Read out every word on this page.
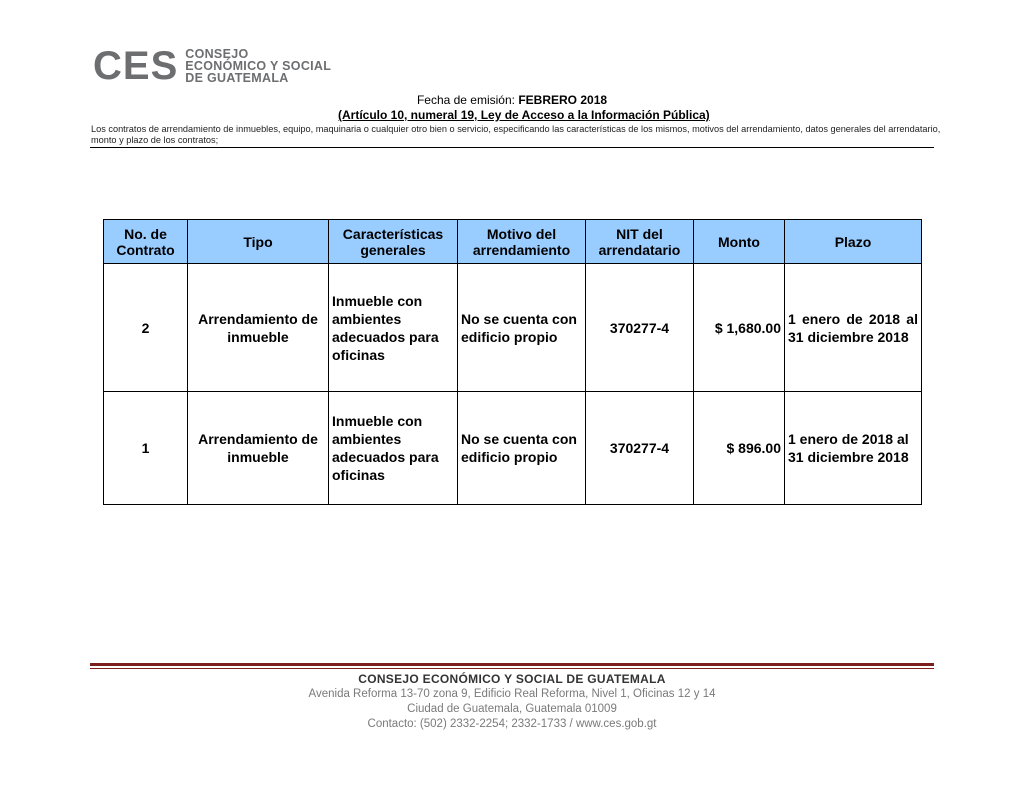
CES CONSEJO
ECONÓMICO Y SOCIAL
DE GUATEMALA
Fecha de emisión: FEBRERO 2018
(Artículo 10, numeral 19, Ley de Acceso a la Información Pública)
Los contratos de arrendamiento de inmuebles, equipo, maquinaria o cualquier otro bien o servicio, especificando las características de los mismos, motivos del arrendamiento, datos generales del arrendatario, monto y plazo de los contratos;
No. de Contrato	Tipo	Características generales	Motivo del arrendamiento	NIT del arrendatario	Monto	Plazo
2	Arrendamiento de inmueble	Inmueble con ambientes adecuados para oficinas	No se cuenta con edificio propio	370277-4	$ 1,680.00	1 enero de 2018 al 31 diciembre 2018
1	Arrendamiento de inmueble	Inmueble con ambientes adecuados para oficinas	No se cuenta con edificio propio	370277-4	$ 896.00	1 enero de 2018 al 31 diciembre 2018
CONSEJO ECONÓMICO Y SOCIAL DE GUATEMALA
Avenida Reforma 13-70 zona 9, Edificio Real Reforma, Nivel 1, Oficinas 12 y 14
Ciudad de Guatemala, Guatemala 01009
Contacto: (502) 2332-2254; 2332-1733 / www.ces.gob.gt
